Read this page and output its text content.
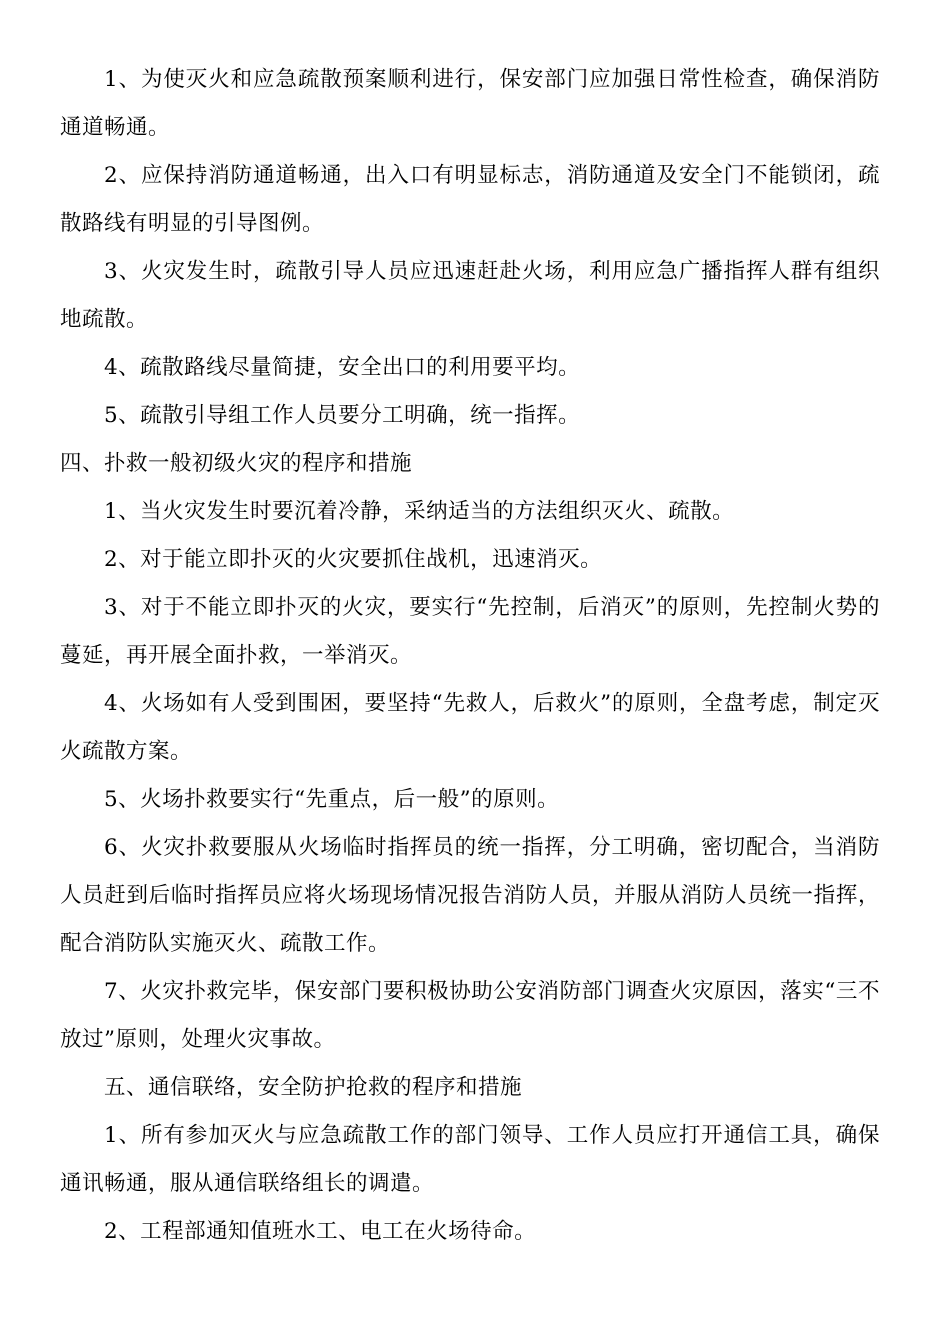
1、为使灭火和应急疏散预案顺利进行，保安部门应加强日常性检查，确保消防通道畅通。

2、应保持消防通道畅通，出入口有明显标志，消防通道及安全门不能锁闭，疏散路线有明显的引导图例。

3、火灾发生时，疏散引导人员应迅速赶赴火场，利用应急广播指挥人群有组织地疏散。

4、疏散路线尽量简捷，安全出口的利用要平均。

5、疏散引导组工作人员要分工明确，统一指挥。

四、扑救一般初级火灾的程序和措施

1、当火灾发生时要沉着冷静，采纳适当的方法组织灭火、疏散。

2、对于能立即扑灭的火灾要抓住战机，迅速消灭。

3、对于不能立即扑灭的火灾，要实行“先控制，后消灭”的原则，先控制火势的蔓延，再开展全面扑救，一举消灭。

4、火场如有人受到围困，要坚持“先救人，后救火”的原则，全盘考虑，制定灭火疏散方案。

5、火场扑救要实行“先重点，后一般”的原则。

6、火灾扑救要服从火场临时指挥员的统一指挥，分工明确，密切配合，当消防人员赶到后临时指挥员应将火场现场情况报告消防人员，并服从消防人员统一指挥，配合消防队实施灭火、疏散工作。

7、火灾扑救完毕，保安部门要积极协助公安消防部门调查火灾原因，落实“三不放过”原则，处理火灾事故。

五、通信联络，安全防护抢救的程序和措施

1、所有参加灭火与应急疏散工作的部门领导、工作人员应打开通信工具，确保通讯畅通，服从通信联络组长的调遣。

2、工程部通知值班水工、电工在火场待命。
